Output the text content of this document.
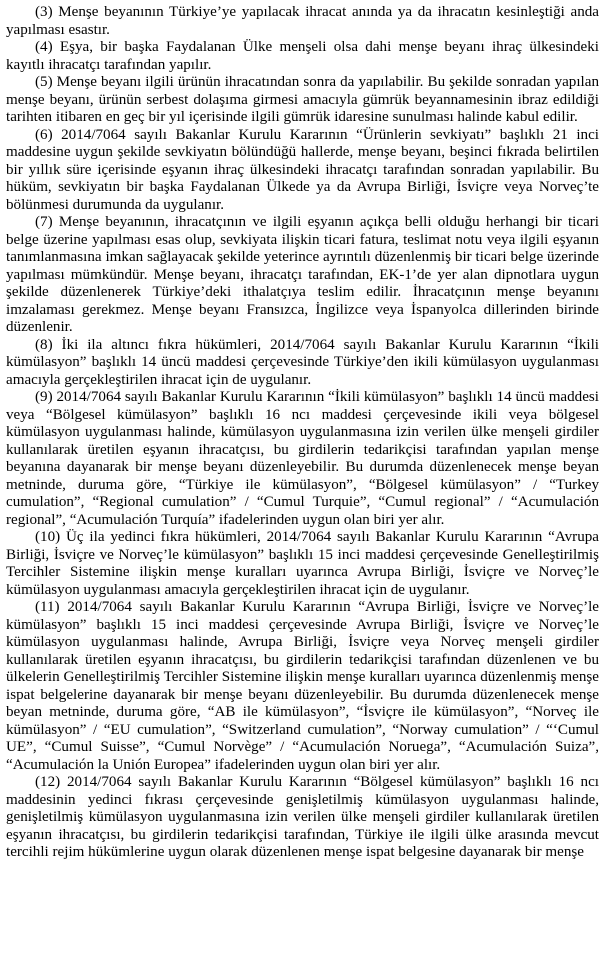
(3) Menşe beyanının Türkiye’ye yapılacak ihracat anında ya da ihracatın kesinleştiği anda yapılması esastır.

(4) Eşya, bir başka Faydalanan Ülke menşeli olsa dahi menşe beyanı ihraç ülkesindeki kayıtlı ihracatçı tarafından yapılır.

(5) Menşe beyanı ilgili ürünün ihracatından sonra da yapılabilir. Bu şekilde sonradan yapılan menşe beyanı, ürünün serbest dolaşıma girmesi amacıyla gümrük beyannamesinin ibraz edildiği tarihten itibaren en geç bir yıl içerisinde ilgili gümrük idaresine sunulması halinde kabul edilir.

(6) 2014/7064 sayılı Bakanlar Kurulu Kararının “Ürünlerin sevkiyatı” başlıklı 21 inci maddesine uygun şekilde sevkiyatın bölündüğü hallerde, menşe beyanı, beşinci fıkrada belirtilen bir yıllık süre içerisinde eşyanın ihraç ülkesindeki ihracatçı tarafından sonradan yapılabilir. Bu hüküm, sevkiyatın bir başka Faydalanan Ülkede ya da Avrupa Birliği, İsviçre veya Norveç’te bölünmesi durumunda da uygulanır.

(7) Menşe beyanının, ihracatçının ve ilgili eşyanın açıkça belli olduğu herhangi bir ticari belge üzerine yapılması esas olup, sevkiyata ilişkin ticari fatura, teslimat notu veya ilgili eşyanın tanımlanmasına imkan sağlayacak şekilde yeterince ayrıntılı düzenlenmiş bir ticari belge üzerinde yapılması mümkündür. Menşe beyanı, ihracatçı tarafından, EK-1’de yer alan dipnotlara uygun şekilde düzenlenerek Türkiye’deki ithalatçıya teslim edilir. İhracatçının menşe beyanını imzalaması gerekmez. Menşe beyanı Fransızca, İngilizce veya İspanyolca dillerinden birinde düzenlenir.

(8) İki ila altıncı fıkra hükümleri, 2014/7064 sayılı Bakanlar Kurulu Kararının “İkili kümülasyon” başlıklı 14 üncü maddesi çerçevesinde Türkiye’den ikili kümülasyon uygulanması amacıyla gerçekleştirilen ihracat için de uygulanır.

(9) 2014/7064 sayılı Bakanlar Kurulu Kararının “İkili kümülasyon” başlıklı 14 üncü maddesi veya “Bölgesel kümülasyon” başlıklı 16 ncı maddesi çerçevesinde ikili veya bölgesel kümülasyon uygulanması halinde, kümülasyon uygulanmasına izin verilen ülke menşeli girdiler kullanılarak üretilen eşyanın ihracatçısı, bu girdilerin tedarikçisi tarafından yapılan menşe beyanına dayanarak bir menşe beyanı düzenleyebilir. Bu durumda düzenlenecek menşe beyan metninde, duruma göre, “Türkiye ile kümülasyon”, “Bölgesel kümülasyon” / “Turkey cumulation”, “Regional cumulation” / “Cumul Turquie”, “Cumul regional” / “Acumulación regional”, “Acumulación Turquía” ifadelerinden uygun olan biri yer alır.

(10) Üç ila yedinci fıkra hükümleri, 2014/7064 sayılı Bakanlar Kurulu Kararının “Avrupa Birliği, İsviçre ve Norveç’le kümülasyon” başlıklı 15 inci maddesi çerçevesinde Genelleştirilmiş Tercihler Sistemine ilişkin menşe kuralları uyarınca Avrupa Birliği, İsviçre ve Norveç’le kümülasyon uygulanması amacıyla gerçekleştirilen ihracat için de uygulanır.

(11) 2014/7064 sayılı Bakanlar Kurulu Kararının “Avrupa Birliği, İsviçre ve Norveç’le kümülasyon” başlıklı 15 inci maddesi çerçevesinde Avrupa Birliği, İsviçre ve Norveç’le kümülasyon uygulanması halinde, Avrupa Birliği, İsviçre veya Norveç menşeli girdiler kullanılarak üretilen eşyanın ihracatçısı, bu girdilerin tedarikçisi tarafından düzenlenen ve bu ülkelerin Genelleştirilmiş Tercihler Sistemine ilişkin menşe kuralları uyarınca düzenlenmiş menşe ispat belgelerine dayanarak bir menşe beyanı düzenleyebilir. Bu durumda düzenlenecek menşe beyan metninde, duruma göre, “AB ile kümülasyon”, “İsviçre ile kümülasyon”, “Norveç ile kümülasyon” / “EU cumulation”, “Switzerland cumulation”, “Norway cumulation” / “‘Cumul UE”, “Cumul Suisse”, “Cumul Norvège” / “Acumulación Noruega”, “Acumulación Suiza”, “Acumulación la Unión Europea” ifadelerinden uygun olan biri yer alır.

(12) 2014/7064 sayılı Bakanlar Kurulu Kararının “Bölgesel kümülasyon” başlıklı 16 ncı maddesinin yedinci fıkrası çerçevesinde genişletilmiş kümülasyon uygulanması halinde, genişletilmiş kümülasyon uygulanmasına izin verilen ülke menşeli girdiler kullanılarak üretilen eşyanın ihracatçısı, bu girdilerin tedarikçisi tarafından, Türkiye ile ilgili ülke arasında mevcut tercihli rejim hükümlerine uygun olarak düzenlenen menşe ispat belgesine dayanarak bir menşe
